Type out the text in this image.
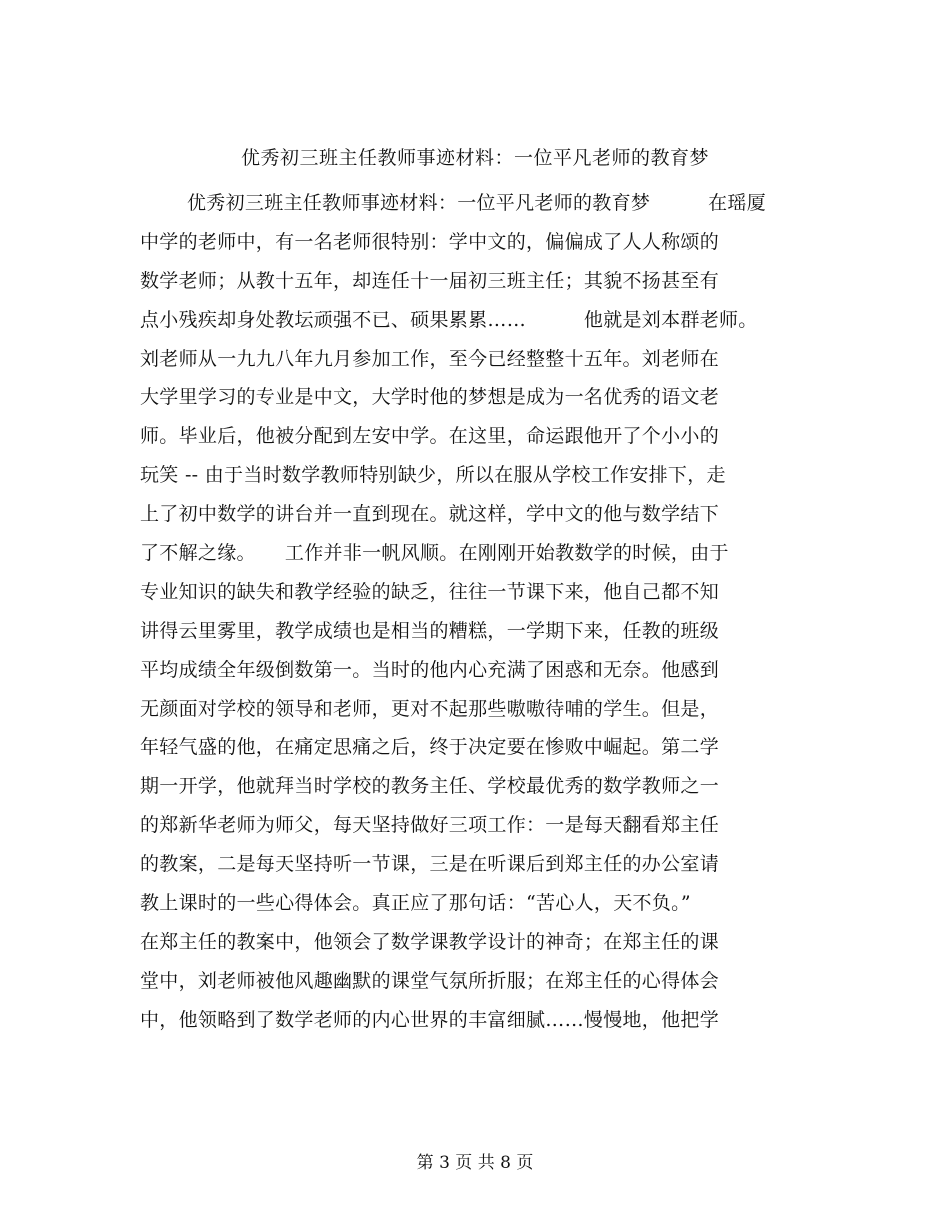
优秀初三班主任教师事迹材料：一位平凡老师的教育梦
优秀初三班主任教师事迹材料：一位平凡老师的教育梦　　　在瑶厦
中学的老师中，有一名老师很特别：学中文的，偏偏成了人人称颂的
数学老师；从教十五年，却连任十一届初三班主任；其貌不扬甚至有
点小残疾却身处教坛顽强不已、硕果累累……　　　他就是刘本群老师。
刘老师从一九九八年九月参加工作，至今已经整整十五年。刘老师在
大学里学习的专业是中文，大学时他的梦想是成为一名优秀的语文老
师。毕业后，他被分配到左安中学。在这里，命运跟他开了个小小的
玩笑 -- 由于当时数学教师特别缺少，所以在服从学校工作安排下，走
上了初中数学的讲台并一直到现在。就这样，学中文的他与数学结下
了不解之缘。　　工作并非一帆风顺。在刚刚开始教数学的时候，由于
专业知识的缺失和教学经验的缺乏，往往一节课下来，他自己都不知
讲得云里雾里，教学成绩也是相当的糟糕，一学期下来，任教的班级
平均成绩全年级倒数第一。当时的他内心充满了困惑和无奈。他感到
无颜面对学校的领导和老师，更对不起那些嗷嗷待哺的学生。但是，
年轻气盛的他，在痛定思痛之后，终于决定要在惨败中崛起。第二学
期一开学，他就拜当时学校的教务主任、学校最优秀的数学教师之一
的郑新华老师为师父，每天坚持做好三项工作：一是每天翻看郑主任
的教案，二是每天坚持听一节课，三是在听课后到郑主任的办公室请
教上课时的一些心得体会。真正应了那句话：“苦心人，天不负。”
在郑主任的教案中，他领会了数学课教学设计的神奇；在郑主任的课
堂中，刘老师被他风趣幽默的课堂气氛所折服；在郑主任的心得体会
中，他领略到了数学老师的内心世界的丰富细腻……慢慢地，他把学
第 3 页 共 8 页
